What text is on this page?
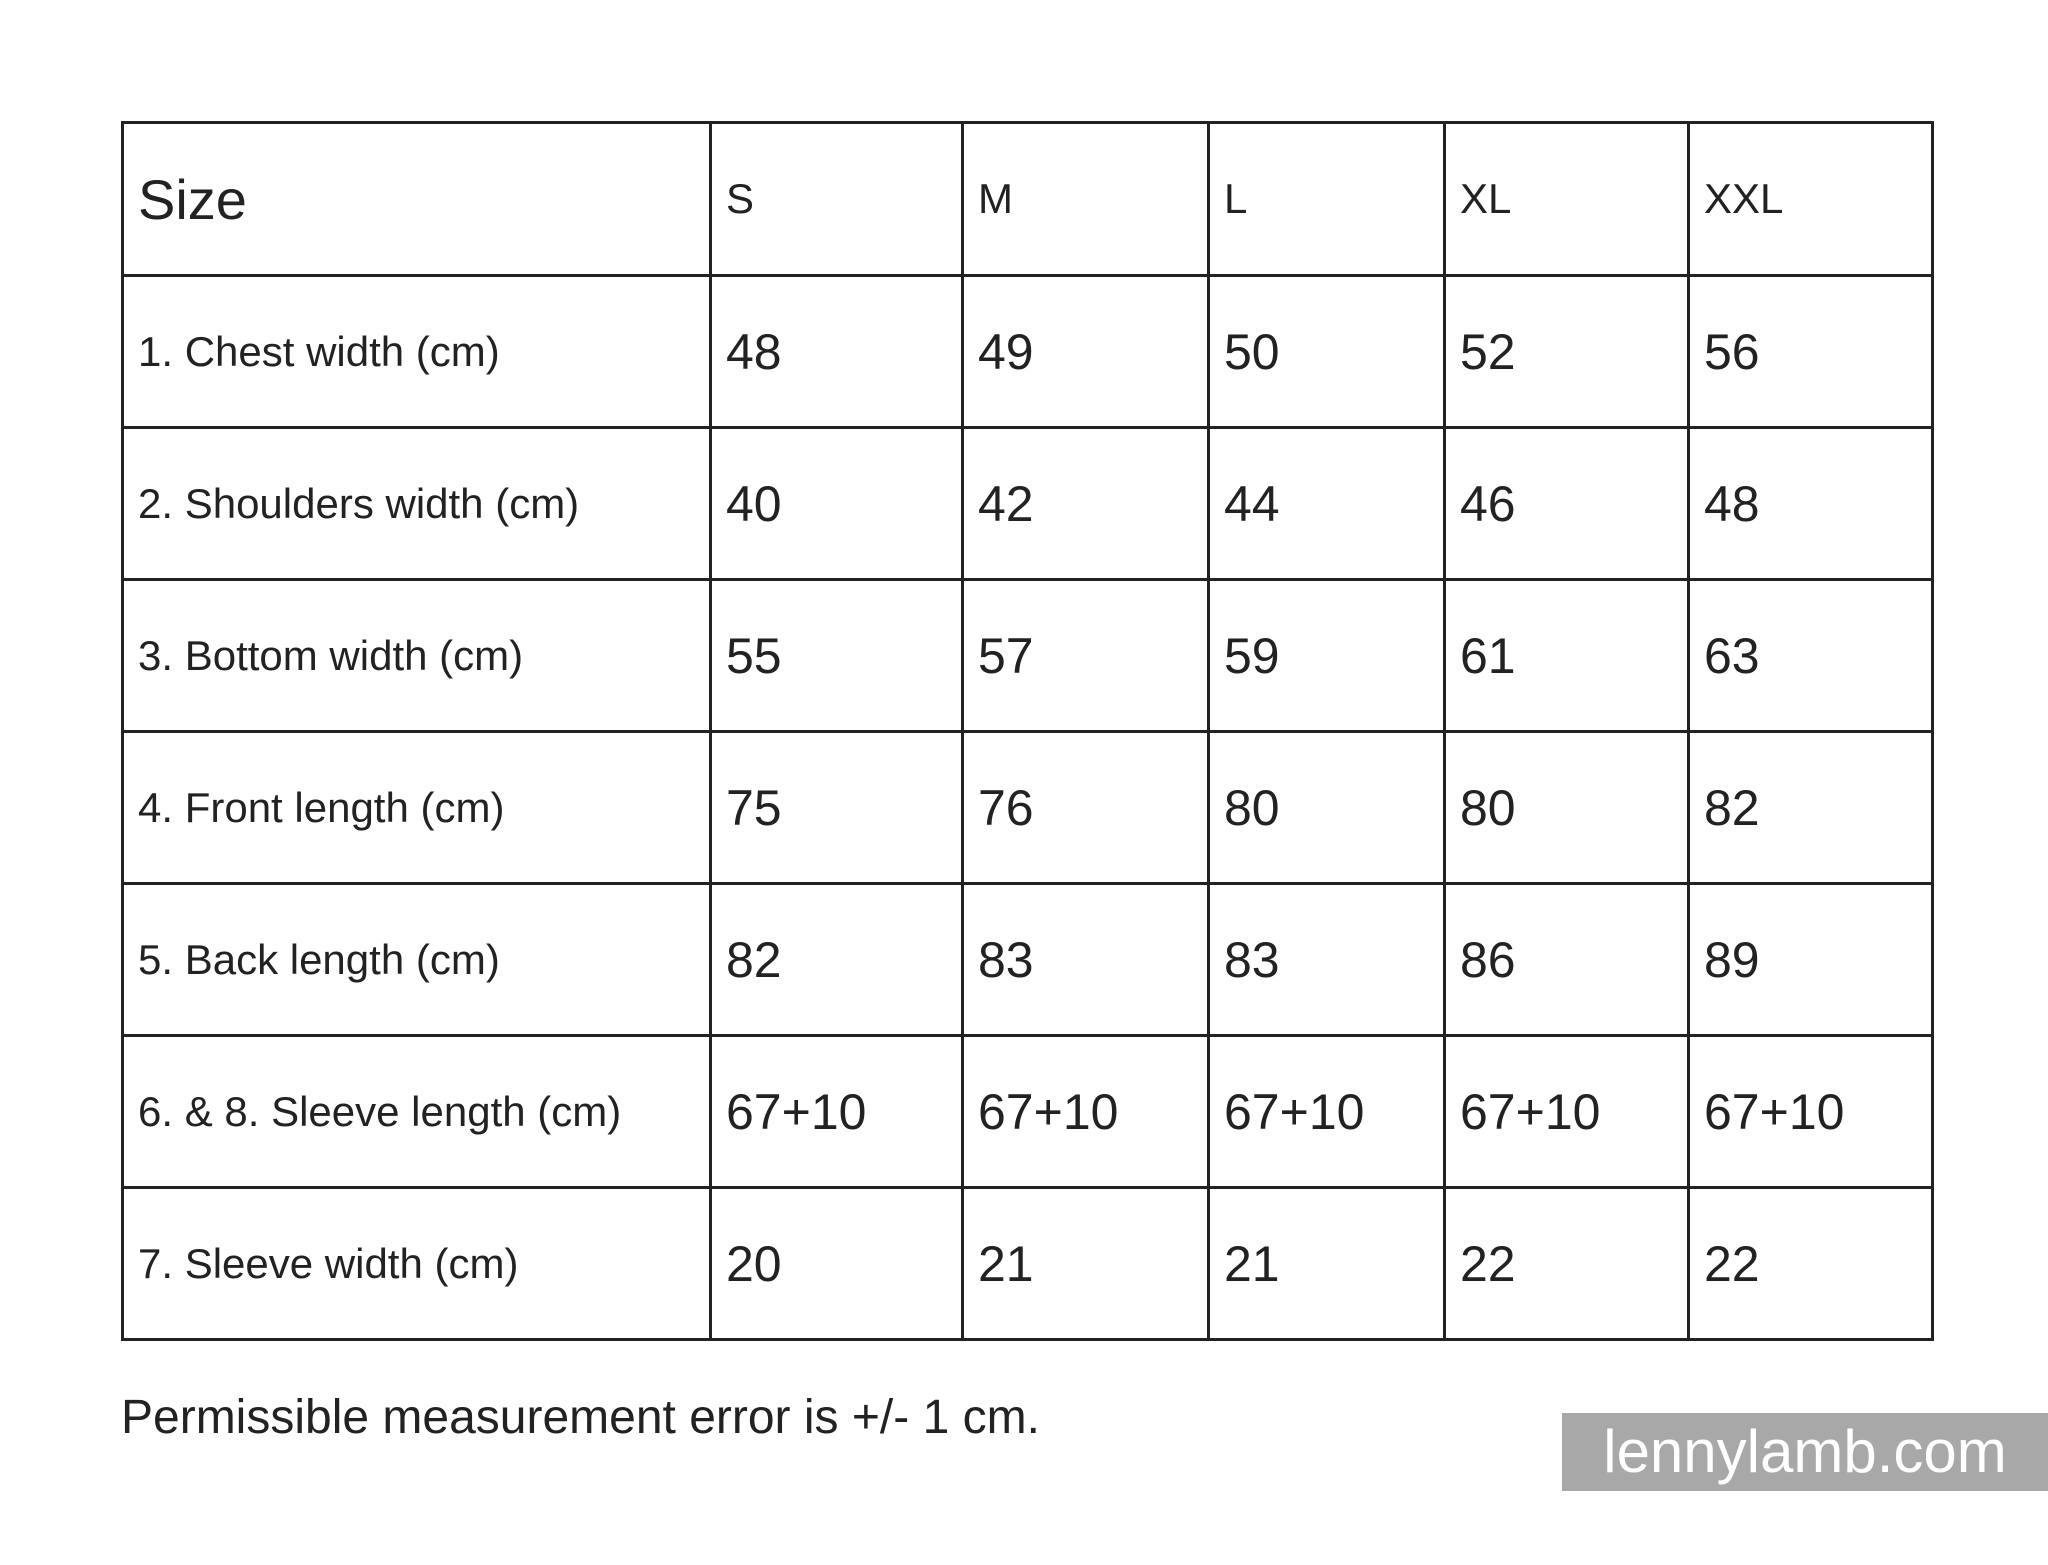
Size	S	M	L	XL	XXL
1. Chest width (cm)	48	49	50	52	56
2. Shoulders width (cm)	40	42	44	46	48
3. Bottom width (cm)	55	57	59	61	63
4. Front length (cm)	75	76	80	80	82
5. Back length (cm)	82	83	83	86	89
6. & 8. Sleeve length (cm)	67+10	67+10	67+10	67+10	67+10
7. Sleeve width (cm)	20	21	21	22	22
Permissible measurement error is +/- 1 cm.
lennylamb.com
